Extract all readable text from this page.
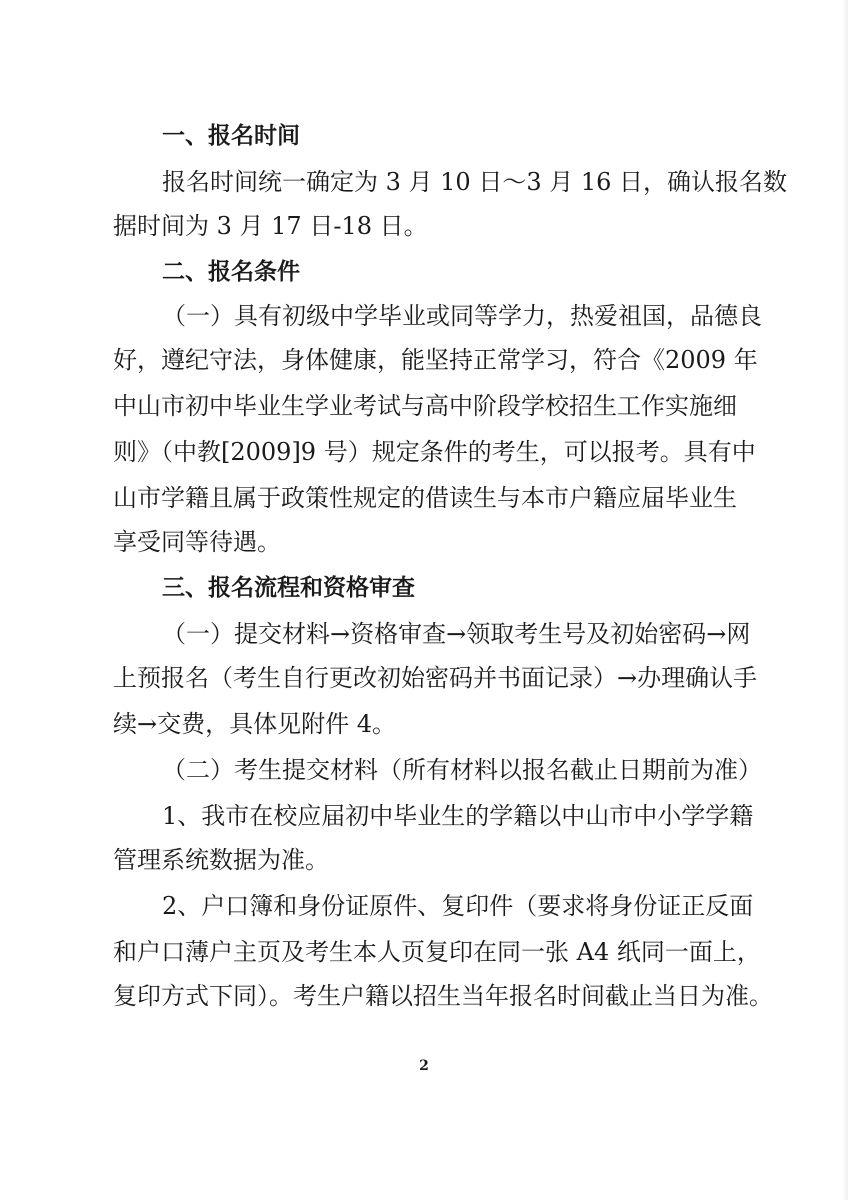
一、报名时间
报名时间统一确定为 3 月 10 日～3 月 16 日，确认报名数
据时间为 3 月 17 日-18 日。
二、报名条件
（一）具有初级中学毕业或同等学力，热爱祖国，品德良
好，遵纪守法，身体健康，能坚持正常学习，符合《2009 年
中山市初中毕业生学业考试与高中阶段学校招生工作实施细
则》（中教[2009]9 号）规定条件的考生，可以报考。具有中
山市学籍且属于政策性规定的借读生与本市户籍应届毕业生
享受同等待遇。
三、报名流程和资格审查
（一）提交材料→资格审查→领取考生号及初始密码→网
上预报名（考生自行更改初始密码并书面记录）→办理确认手
续→交费，具体见附件 4。
（二）考生提交材料（所有材料以报名截止日期前为准）
1、我市在校应届初中毕业生的学籍以中山市中小学学籍
管理系统数据为准。
2、户口簿和身份证原件、复印件（要求将身份证正反面
和户口薄户主页及考生本人页复印在同一张 A4 纸同一面上，
复印方式下同）。考生户籍以招生当年报名时间截止当日为准。
2
